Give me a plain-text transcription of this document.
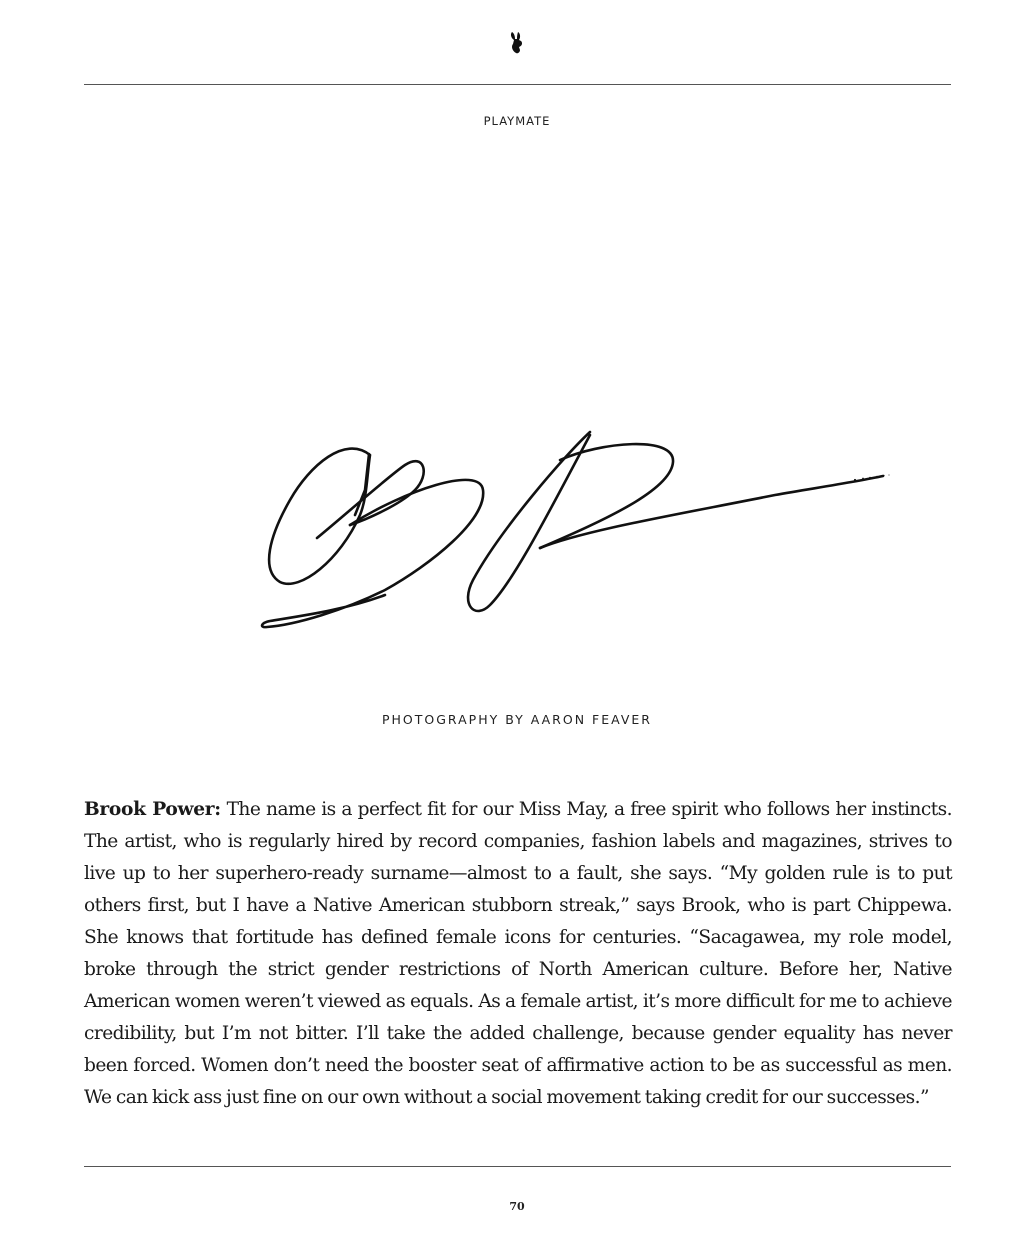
PLAYMATE
PHOTOGRAPHY BY AARON FEAVER

Brook Power: The name is a perfect fit for our Miss May, a free spirit who follows her instincts. The artist, who is regularly hired by record companies, fashion labels and magazines, strives to live up to her superhero-ready surname—almost to a fault, she says. “My golden rule is to put others first, but I have a Native American stubborn streak,” says Brook, who is part Chippewa. She knows that fortitude has defined female icons for centuries. “Sacagawea, my role model, broke through the strict gender restrictions of North American culture. Before her, Native American women weren’t viewed as equals. As a female artist, it’s more difficult for me to achieve credibility, but I’m not bitter. I’ll take the added challenge, because gender equality has never been forced. Women don’t need the booster seat of affirmative action to be as successful as men. We can kick ass just fine on our own without a social movement taking credit for our successes.”

70
